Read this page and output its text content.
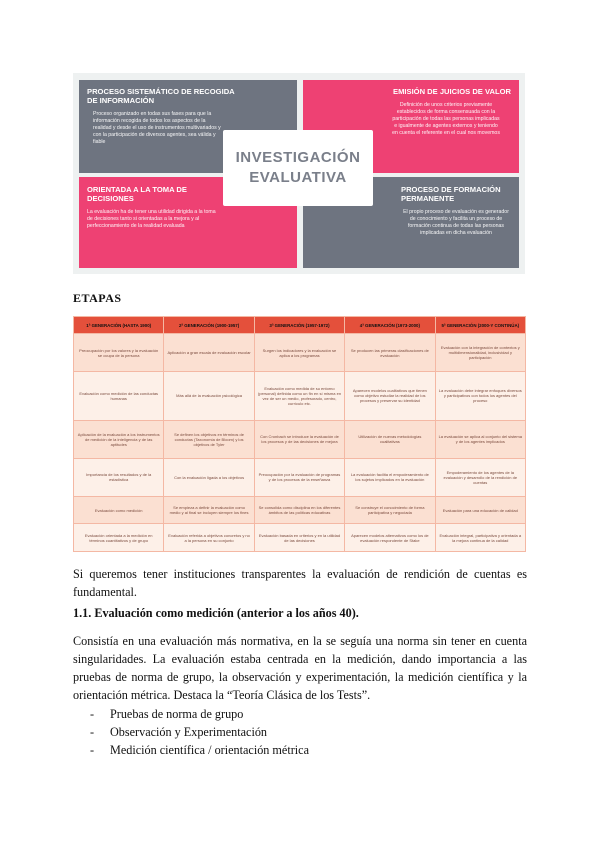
PROCESO SISTEMÁTICO DE RECOGIDA DE INFORMACIÓN
Proceso organizado en todas sus fases para que la información recogida de todos los aspectos de la realidad y desde el uso de instrumentos multivariados y con la participación de diversos agentes, sea válida y fiable
EMISIÓN DE JUICIOS DE VALOR
Definición de unos criterios previamente establecidos de forma consensuada con la participación de todas las personas implicadas e igualmente de agentes externos y teniendo en cuenta el referente en el cual nos movemos
ORIENTADA A LA TOMA DE DECISIONES
La evaluación ha de tener una utilidad dirigida a la toma de decisiones tanto si orientadas a la mejora y al perfeccionamiento de la realidad evaluada
PROCESO DE FORMACIÓN PERMANENTE
El propio proceso de evaluación es generador de conocimiento y facilita un proceso de formación continua de todas las personas implicadas en dicha evaluación
INVESTIGACIÓN
EVALUATIVA
ETAPAS
1ª GENERACIÓN (HASTA 1900)	2ª GENERACIÓN (1900-1957)	3ª GENERACIÓN (1957-1972)	4ª GENERACIÓN (1973-2000)	5ª GENERACIÓN (2000-Y CONTINÚA)
Preocupación por los valores y la evaluación se ocupa de la persona	Aplicación a gran escala de evaluación escolar	Surgen los indicadores y la evaluación se aplica a los programas	Se producen las primeras clasificaciones de evaluación	Evaluación con la integración de contextos y multidimensionalidad, inclusividad y participación
Evaluación como medición de las conductas humanas	Más allá de la evaluación psicológica	Evaluación como medida de su entorno (personal) definida como un fin en sí misma en vez de ser un medio, profesorado, centro, currículo etc.	Aparecen modelos cualitativos que tienen como objetivo estudiar la realidad de los procesos y preservar su identidad	La evaluación debe integrar enfoques diversos y participativos con todos los agentes del proceso
Aplicación de la evaluación a los instrumentos de medición de la inteligencia y de las aptitudes	Se definen los objetivos en términos de conductas (Taxonomía de Bloom) y los objetivos de Tyler	Con Cronbach se introduce la evaluación de los procesos y de las decisiones de mejora	Utilización de nuevas metodologías cualitativas	La evaluación se aplica al conjunto del sistema y de los agentes implicados
Importancia de los resultados y de la estadística	Con la evaluación ligada a los objetivos	Preocupación por la evaluación de programas y de los procesos de la enseñanza	La evaluación facilita el empoderamiento de los sujetos implicados en la evaluación	Empoderamiento de los agentes de la evaluación y desarrollo de la rendición de cuentas
Evaluación como medición	Se empieza a definir la evaluación como medio y al final se incluyen siempre los fines	Se consolida como disciplina en los diferentes ámbitos de las políticas educativas	Se construye el conocimiento de forma participativa y negociada	Evaluación para una educación de calidad
Evaluación orientada a la medición en términos cuantitativos y de grupo	Evaluación referida a objetivos concretos y no a la persona en su conjunto	Evaluación basada en criterios y en la utilidad de las decisiones	Aparecen modelos alternativos como los de evaluación respondente de Stake	Evaluación integral, participativa y orientada a la mejora continua de la calidad
Si queremos tener instituciones transparentes la evaluación de rendición de cuentas es fundamental.
1.1. Evaluación como medición (anterior a los años 40).
Consistía en una evaluación más normativa, en la se seguía una norma sin tener en cuenta singularidades. La evaluación estaba centrada en la medición, dando importancia a las pruebas de norma de grupo, la observación y experimentación, la medición científica y la orientación métrica. Destaca la “Teoría Clásica de los Tests”.
- Pruebas de norma de grupo
- Observación y Experimentación
- Medición científica / orientación métrica
